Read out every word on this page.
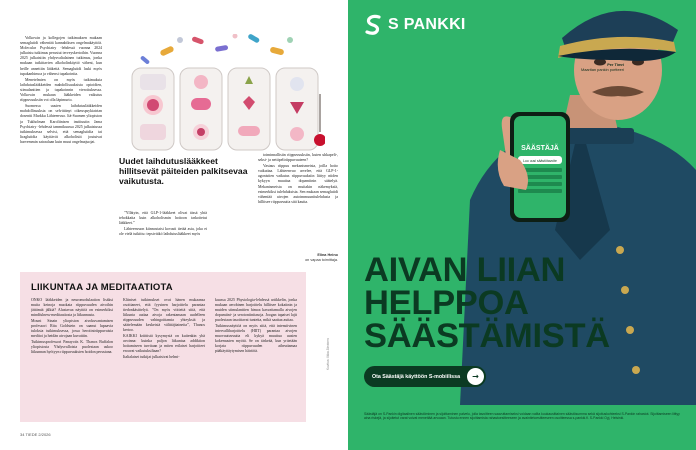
Volkowin ja kollegojen tutkimuksen mukaan semaglutidi vähentää kannabiksen ongelmakäyttöä. Molecular Psychiatry -lehdessä vuonna 2024 julkaistu tutkimus perustui terveyskertoihin. Vuonna 2025 julkaistiin yhdysvaltalainen tutkimus, jonka mukaan tutkittavien alkoholinkäyttö väheni, kun heille annettiin lääkettä. Semaglutidi laski myös tupakanhimoa ja vähensi tupakointia.

Menetelmien on myös tutkimuksia laihdutuslääkkeiden mahdollisuuksista opioidien, stimulanttien ja tupakoinnin vieroituksessa. Volkowin mukaan lääkkeiden vaikutus riippuvuuksiin voi olla läpimurto.

Suomessa uusien laihdutuslääkkeiden mahdollisuuksia on selvittänyt oikeuspsykiatrian dosentti Markku Lähteenvuo. Itä-Suomen yliopiston ja Tukholman Karoliinisen instituutin Jama Psychiatry -lehdessä tammikuussa 2025 julkaistussa tutkimuksessa selvisi, että semaglutidia tai liraglutidia käyttävät alkoholistit joutuivat harvemmin sairaalaan kuin muut ongelmajuojat.

Uudet laihdutuslääkkeet hillitsevät päiteiden palkitsevaa vaikutusta.

”Yllätyin, että GLP-1-lääkkeet olivat tässä yhtä tehokkaita kuin alkoholismin hoitoon tarkoitetut lääkkeet.”

Lähteenvuon kiinnostaisi kovasti tietää asia, joka ei ole vielä tutkittu: tepsivätkö laihdutuslääkkeet myös

toiminnallisiin riippuvuuksiin, kuten uhkapeli-, seksi- ja nettipeliriippuvuuteen?

Vastaus riippuu mekanismeista, joilla hoito vaikuttaa. Lähteenvuo arvelee, että GLP-1-agonistien vaikutus riippuvuuksiin liittyy niiden kykyyn muuttaa dopamiinin säätelyä. Mekanismeista on muitakin näkemyksiä, esimerkiksi tulehduksista. Sen mukaan semaglutidi vähentää aivojen autoimmuunitulehdusta ja hillitsee riippuvuutta sitä kautta.

Elina Heino
on vapaa toimittaja.
LIIKUNTAA JA MEDITAATIOTA

ONKO lääkkeiden ja neuromodulaation lisäksi muita keinoja muokata riippuvuuden aivoihin jättämiä jälkiä? Alustavaa näyttöä on esimerkiksi mindfulness-meditaatiosta ja liikunnasta.

Mount Sinain yliopiston aivokuvantamisen professori Rita Goldstein on saanut lupaavia tuloksia tutkimuksessa, jossa heroiiniriippuvaisia meditoi ja heidän aivojaan kuvattiin.

Tutkimusprofessori Panayotis K. Thanos Buffalon yliopistosta Yhdysvalloista puolestaan uskoo liikunnan hyötyyn riippuvuuksien hoidon perustana.

Kliiniset tutkimukset ovat hänen mukaansa osoittaneet, että fyysinen harjoittelu parantaa tiedonkäsittelyä. ”On myös viitteitä siitä, että liikunta auttaa aivoja rakentamaan uudelleen riippuvuuden vahingoittamia yhteyksiä ja säätelemään keskeisiä välittäjäaineita”, Thanos kertoo.

KAIKKI kriittistä kysymystä on kuitenkin yhä avoinna: kuinka paljon liikuntaa addiktion hoitamiseen tarvitaan ja miten erilaiset harjoitteet eroavat vaikutuksiltaan?

Italialaiset tutkijat julkaisivat helmi-

kuussa 2025 Physiologia-lehdessä artikkelin, jonka mukaan aerobinen harjoittelu hillitsee kokaiinin ja muiden stimulanttien himoa kasvattamalla aivojen dopamiini- ja serotoniinitasoja. Joogan tapaiset lajit puolestaan tasoittavat tunteita, mikä saattaa auttaa.

Tutkimusnäyttöä on myös siitä, että intensiivinen intervalliharjoittelu (HIIT) parantaa aivojen muovautuvuutta eli kykyä muuttua uusien kokemusten myötä. Se on tärkeää, kun yritetään korjata riippuvuuden aiheuttamaa pääkäyttäytymisen häiriötä.	Kuvitus: Ilkka Järvinen
34 TIEDE 2/2026
SÄÄSTÄJÄ
Luo uusi säästötavoite
S PANKKI
Per Timri
Maaritan pankin portteeri
AIVAN LIIAN
HELPPOA
SÄÄSTÄMISTÄ
Ota Säästäjä käyttöön S-mobiilissa	→
Säästäjä on S-Pankin digitaalinen säästöminen ja sijoittaminen palvelu, jolla tavoitteen saavuttamiseksi voidaan valita kuukausittainen säästösumma sekä sijoituskohteeksi S-Pankin rahastot. Sijoittamiseen liittyy aina riskejä, ja sijoitetut varat voivat menettää arvoaan. Tutustu ennen sijoittamista rahastoesitteeseen ja avaintietoesitteeseen osoitteessa s-pankki.fi. S-Pankki Oyj, Helsinki.
